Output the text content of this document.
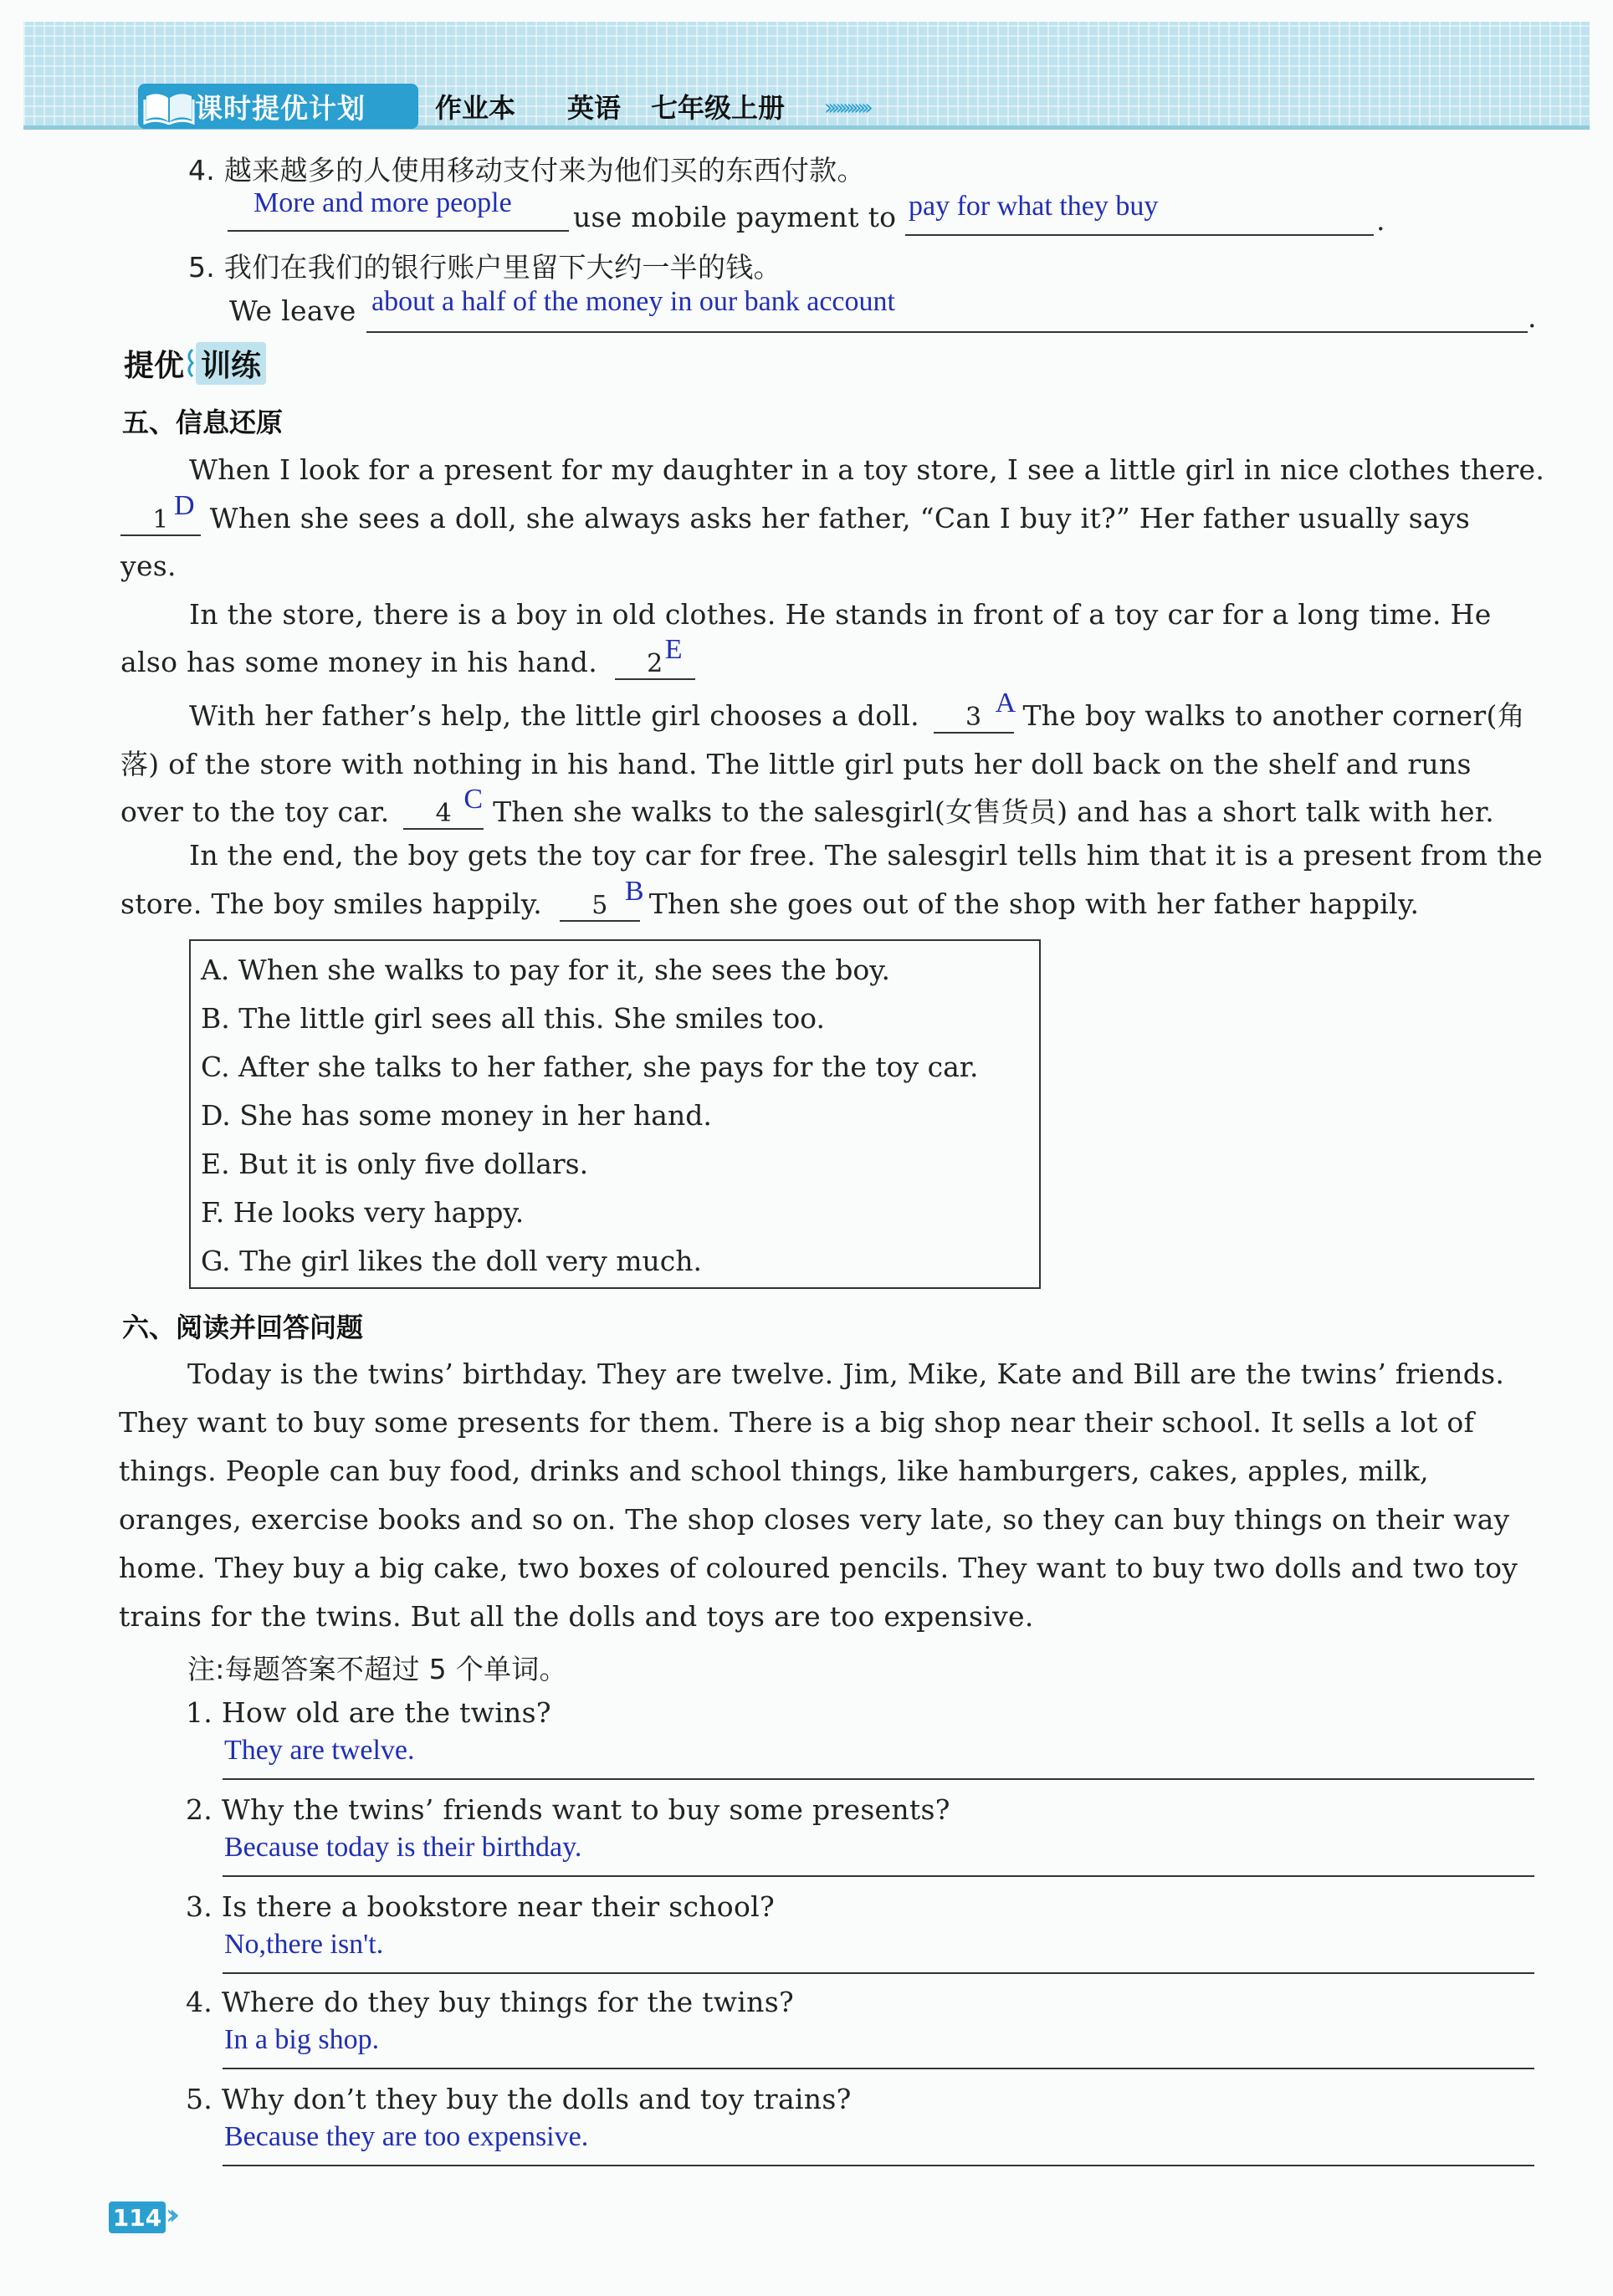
课时提优计划	作业本 英语 七年级上册 ››››››››››››
4. 越来越多的人使用移动支付来为他们买的东西付款。
More and more people use mobile payment to pay for what they buy	.
5. 我们在我们的银行账户里留下大约一半的钱。
We leave about a half of the money in our bank account	.
提优 训练
五、信息还原
When I look for a present for my daughter in a toy store, I see a little girl in nice clothes there.
1 D When she sees a doll, she always asks her father, “Can I buy it?” Her father usually says
yes.
In the store, there is a boy in old clothes. He stands in front of a toy car for a long time. He
also has some money in his hand. 2 E
With her father’s help, the little girl chooses a doll. 3 A The boy walks to another corner(角
落) of the store with nothing in his hand. The little girl puts her doll back on the shelf and runs
over to the toy car. 4 C Then she walks to the salesgirl(女售货员) and has a short talk with her.
In the end, the boy gets the toy car for free. The salesgirl tells him that it is a present from the
store. The boy smiles happily. 5 B Then she goes out of the shop with her father happily.
A. When she walks to pay for it, she sees the boy.
B. The little girl sees all this. She smiles too.
C. After she talks to her father, she pays for the toy car.
D. She has some money in her hand.
E. But it is only five dollars.
F. He looks very happy.
G. The girl likes the doll very much.
六、阅读并回答问题
Today is the twins’ birthday. They are twelve. Jim, Mike, Kate and Bill are the twins’ friends.
They want to buy some presents for them. There is a big shop near their school. It sells a lot of
things. People can buy food, drinks and school things, like hamburgers, cakes, apples, milk,
oranges, exercise books and so on. The shop closes very late, so they can buy things on their way
home. They buy a big cake, two boxes of coloured pencils. They want to buy two dolls and two toy
trains for the twins. But all the dolls and toys are too expensive.
注:每题答案不超过 5 个单词。
1. How old are the twins?
They are twelve.
2. Why the twins’ friends want to buy some presents?
Because today is their birthday.
3. Is there a bookstore near their school?
No,there isn't.
4. Where do they buy things for the twins?
In a big shop.
5. Why don’t they buy the dolls and toy trains?
Because they are too expensive.
114 ››
